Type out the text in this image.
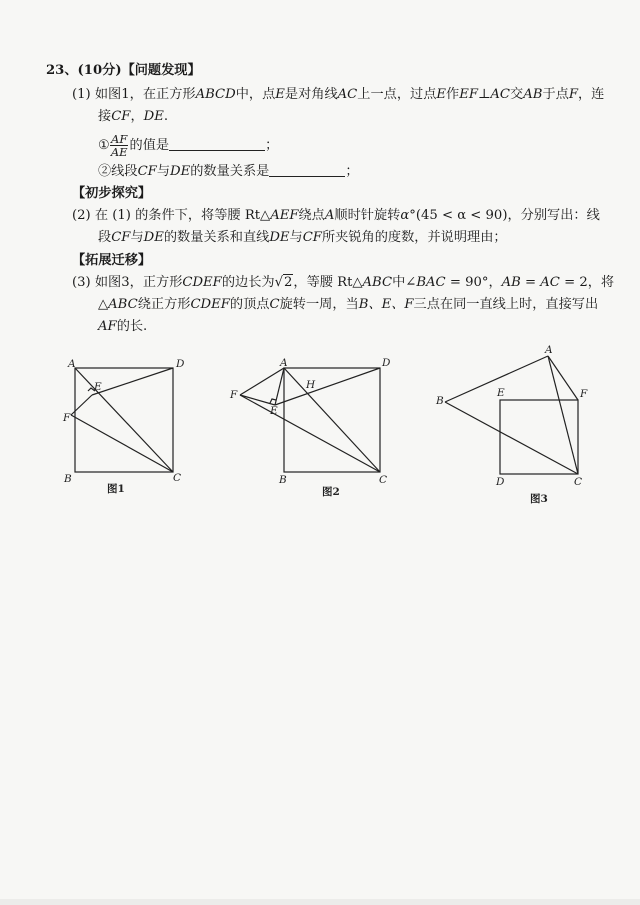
23、(10分)【问题发现】
(1) 如图1，在正方形ABCD中，点E是对角线AC上一点，过点E作EF⊥AC交AB于点F，连
接CF，DE.
① $\frac{AF}{AE}$ 的值是	；
②线段CF与DE的数量关系是	；
【初步探究】
(2) 在 (1) 的条件下，将等腰 Rt△AEF绕点A顺时针旋转α°(45 < α < 90)，分别写出：线
段CF与DE的数量关系和直线DE与CF所夹锐角的度数，并说明理由；
【拓展迁移】
(3) 如图3，正方形CDEF的边长为√2，等腰 Rt△ABC中∠BAC = 90°，AB = AC = 2，将
△ABC绕正方形CDEF的顶点C旋转一周，当B、E、F三点在同一直线上时，直接写出
AF的长.
A	D
E
F
B	C
图1
A	D
H
F
E
B	C
图2
A
B
E	F
D	C
图3
